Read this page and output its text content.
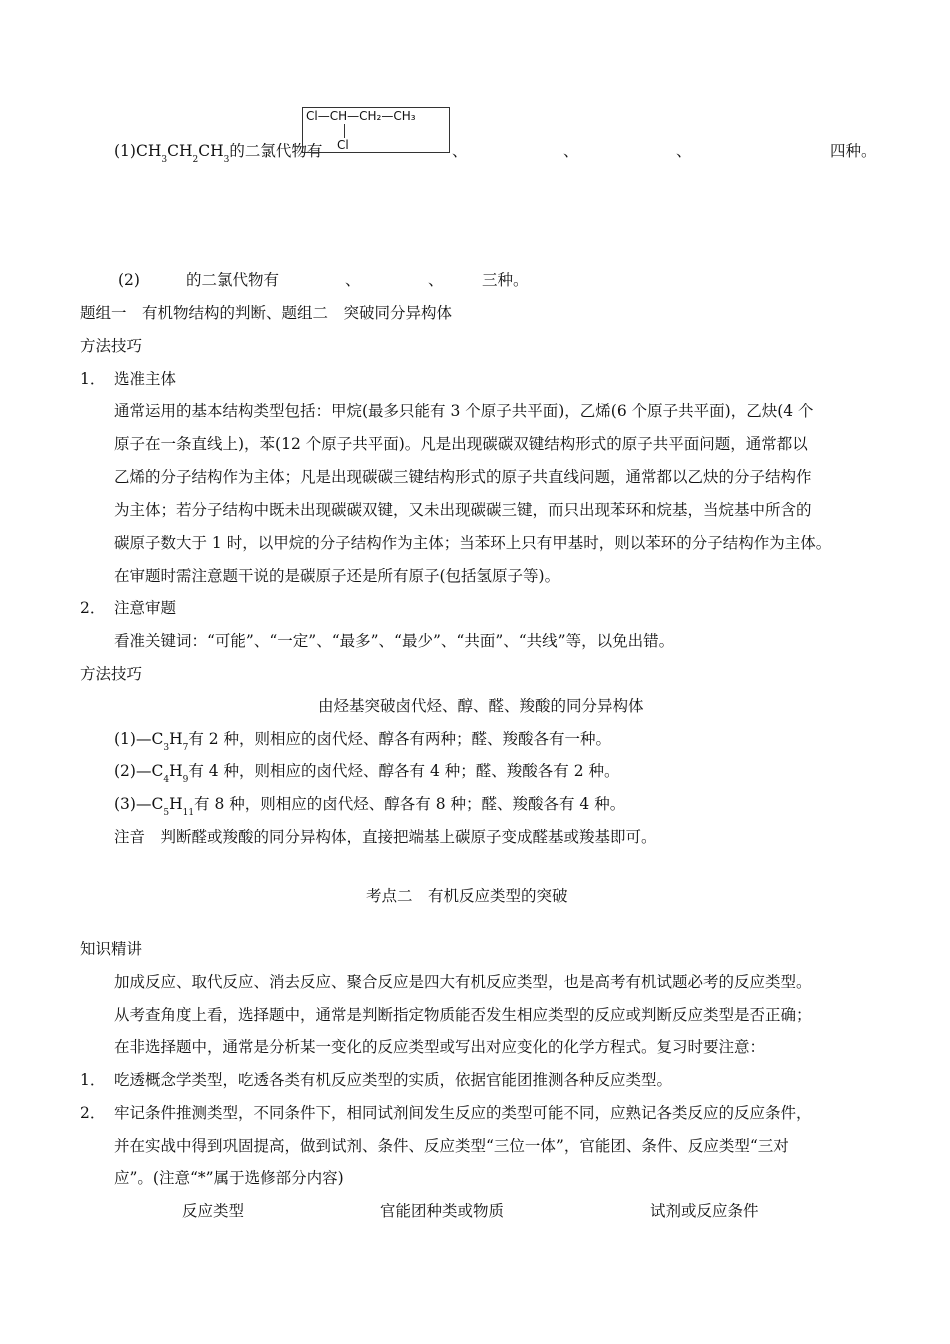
$(1)CH_3CH_2CH_3$的二氯代物有
Cl—CH—CH₂—CH₃
Cl	、	、	、	四种。
(2)	的二氯代物有	、	、 三种。
题组一　有机物结构的判断、题组二　突破同分异构体
方法技巧
1． 选准主体
通常运用的基本结构类型包括：甲烷(最多只能有 3 个原子共平面)，乙烯(6 个原子共平面)，乙炔(4 个
原子在一条直线上)，苯(12 个原子共平面)。凡是出现碳碳双键结构形式的原子共平面问题，通常都以
乙烯的分子结构作为主体；凡是出现碳碳三键结构形式的原子共直线问题，通常都以乙炔的分子结构作
为主体；若分子结构中既未出现碳碳双键，又未出现碳碳三键，而只出现苯环和烷基，当烷基中所含的
碳原子数大于 1 时，以甲烷的分子结构作为主体；当苯环上只有甲基时，则以苯环的分子结构作为主体。
在审题时需注意题干说的是碳原子还是所有原子(包括氢原子等)。
2． 注意审题
看准关键词：“可能”、“一定”、“最多”、“最少”、“共面”、“共线”等，以免出错。
方法技巧
由烃基突破卤代烃、醇、醛、羧酸的同分异构体
$(1)—C_3H_7$有 2 种，则相应的卤代烃、醇各有两种；醛、羧酸各有一种。
$(2)—C_4H_9$有 4 种，则相应的卤代烃、醇各有 4 种；醛、羧酸各有 2 种。
$(3)—C_5H_{11}$有 8 种，则相应的卤代烃、醇各有 8 种；醛、羧酸各有 4 种。
注音　判断醛或羧酸的同分异构体，直接把端基上碳原子变成醛基或羧基即可。
考点二　有机反应类型的突破
知识精讲
加成反应、取代反应、消去反应、聚合反应是四大有机反应类型，也是高考有机试题必考的反应类型。
从考查角度上看，选择题中，通常是判断指定物质能否发生相应类型的反应或判断反应类型是否正确；
在非选择题中，通常是分析某一变化的反应类型或写出对应变化的化学方程式。复习时要注意：
1． 吃透概念学类型，吃透各类有机反应类型的实质，依据官能团推测各种反应类型。
2． 牢记条件推测类型，不同条件下，相同试剂间发生反应的类型可能不同，应熟记各类反应的反应条件，
并在实战中得到巩固提高，做到试剂、条件、反应类型“三位一体”，官能团、条件、反应类型“三对
应”。(注意“*”属于选修部分内容)
反应类型	官能团种类或物质	试剂或反应条件
